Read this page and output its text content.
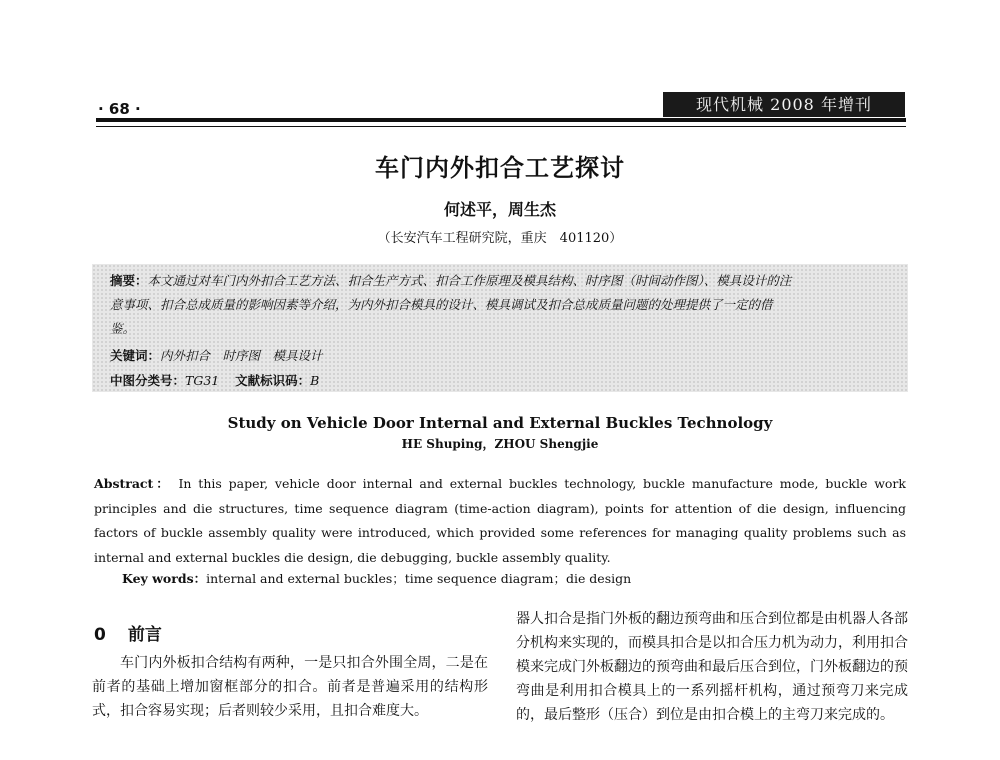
· 68 ·	现代机械 2008 年增刊
车门内外扣合工艺探讨
何述平，周生杰
（长安汽车工程研究院，重庆　401120）
摘要：本文通过对车门内外扣合工艺方法、扣合生产方式、扣合工作原理及模具结构、时序图（时间动作图）、模具设计的注
意事项、扣合总成质量的影响因素等介绍，为内外扣合模具的设计、模具调试及扣合总成质量问题的处理提供了一定的借
鉴。
关键词：内外扣合　时序图　模具设计
中图分类号：TG31 文献标识码：B
Study on Vehicle Door Internal and External Buckles Technology
HE Shuping，ZHOU Shengjie
Abstract： In this paper, vehicle door internal and external buckles technology, buckle manufacture mode, buckle work principles and die structures, time sequence diagram (time-action diagram), points for attention of die design, influencing factors of buckle assembly quality were introduced, which provided some references for managing quality problems such as internal and external buckles die design, die debugging, buckle assembly quality.
Key words：internal and external buckles；time sequence diagram；die design
0 前言
车门内外板扣合结构有两种，一是只扣合外围全周，二是在前者的基础上增加窗框部分的扣合。前者是普遍采用的结构形式，扣合容易实现；后者则较少采用，且扣合难度大。
器人扣合是指门外板的翻边预弯曲和压合到位都是由机器人各部分机构来实现的，而模具扣合是以扣合压力机为动力，利用扣合模来完成门外板翻边的预弯曲和最后压合到位，门外板翻边的预弯曲是利用扣合模具上的一系列摇杆机构，通过预弯刀来完成的，最后整形（压合）到位是由扣合模上的主弯刀来完成的。
